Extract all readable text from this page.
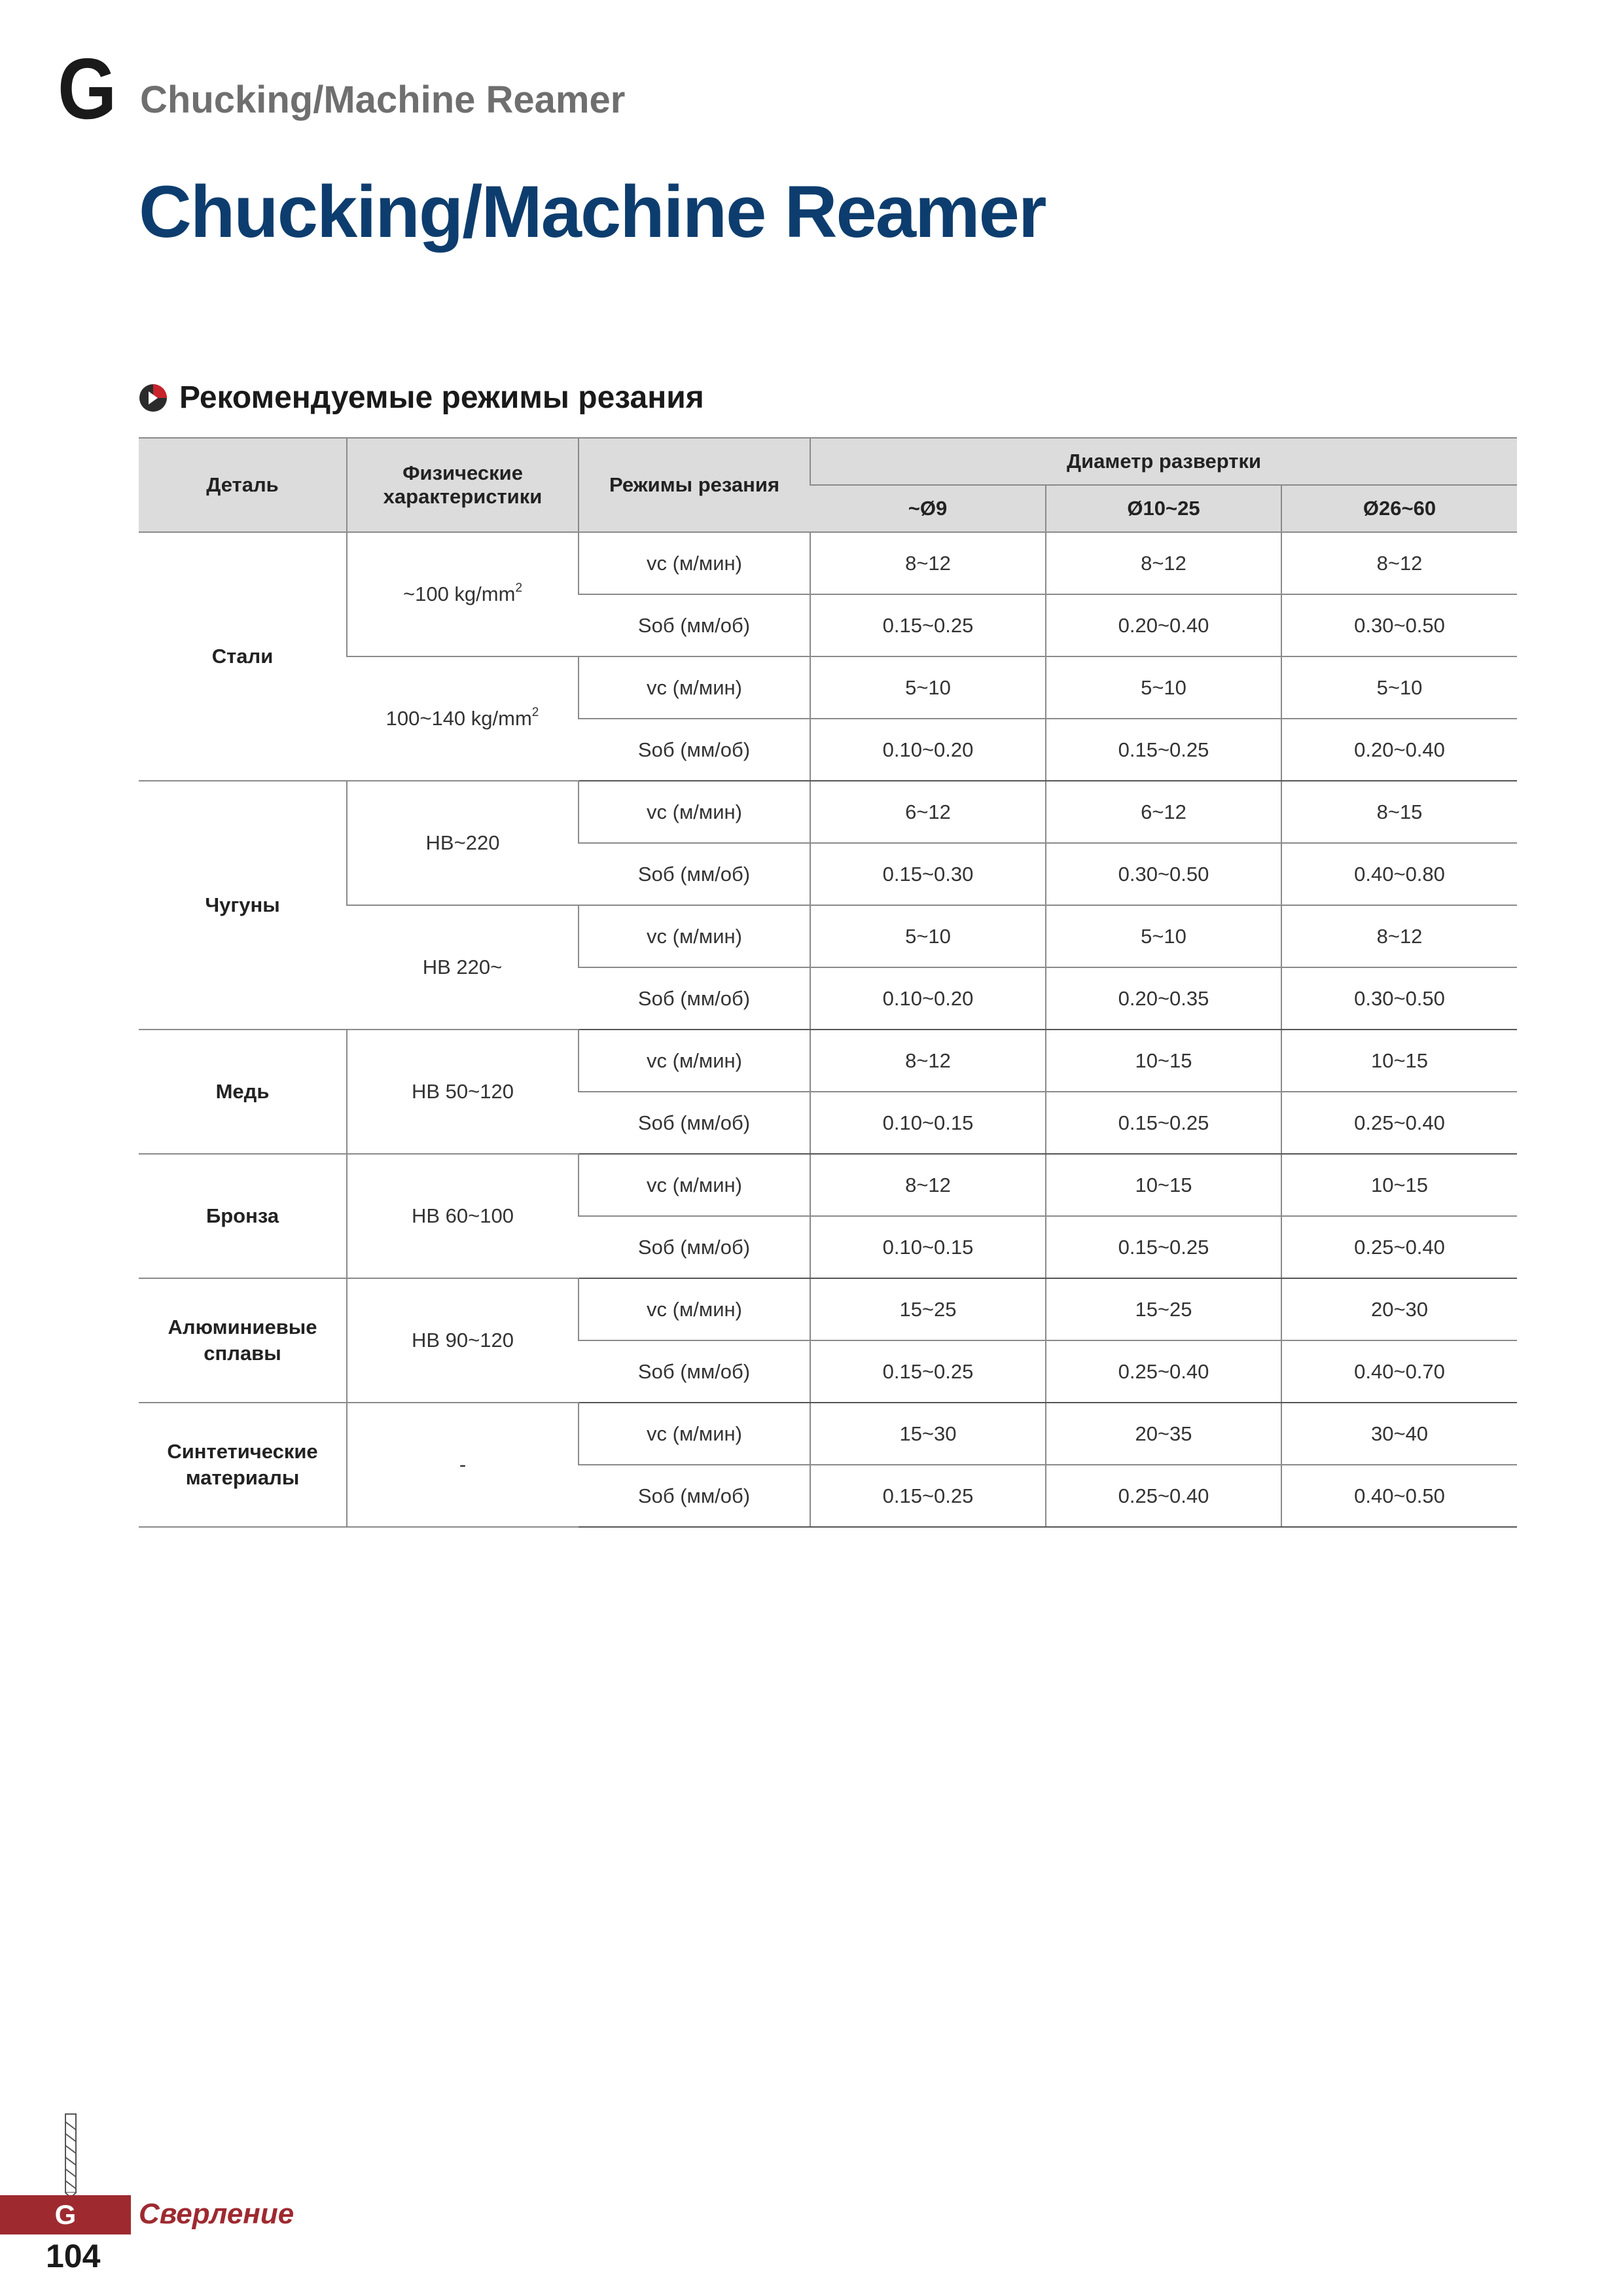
G Chucking/Machine Reamer
Chucking/Machine Reamer
Рекомендуемые режимы резания
Деталь	Физические характеристики	Режимы резания	Диаметр развертки		
			~Ø9	Ø10~25	Ø26~60
Стали	~100 $kg/mm^2$	vc (м/мин)	8~12	8~12	8~12
		Sоб (мм/об)	0.15~0.25	0.20~0.40	0.30~0.50
	100~140 $kg/mm^2$	vc (м/мин)	5~10	5~10	5~10
		Sоб (мм/об)	0.10~0.20	0.15~0.25	0.20~0.40
Чугуны	HB~220	vc (м/мин)	6~12	6~12	8~15
		Sоб (мм/об)	0.15~0.30	0.30~0.50	0.40~0.80
	HB 220~	vc (м/мин)	5~10	5~10	8~12
		Sоб (мм/об)	0.10~0.20	0.20~0.35	0.30~0.50
Медь	HB 50~120	vc (м/мин)	8~12	10~15	10~15
		Sоб (мм/об)	0.10~0.15	0.15~0.25	0.25~0.40
Бронза	HB 60~100	vc (м/мин)	8~12	10~15	10~15
		Sоб (мм/об)	0.10~0.15	0.15~0.25	0.25~0.40
Алюминиевые сплавы	HB 90~120	vc (м/мин)	15~25	15~25	20~30
		Sоб (мм/об)	0.15~0.25	0.25~0.40	0.40~0.70
Синтетические материалы	-	vc (м/мин)	15~30	20~35	30~40
		Sоб (мм/об)	0.15~0.25	0.25~0.40	0.40~0.50
G	Сверление
104
